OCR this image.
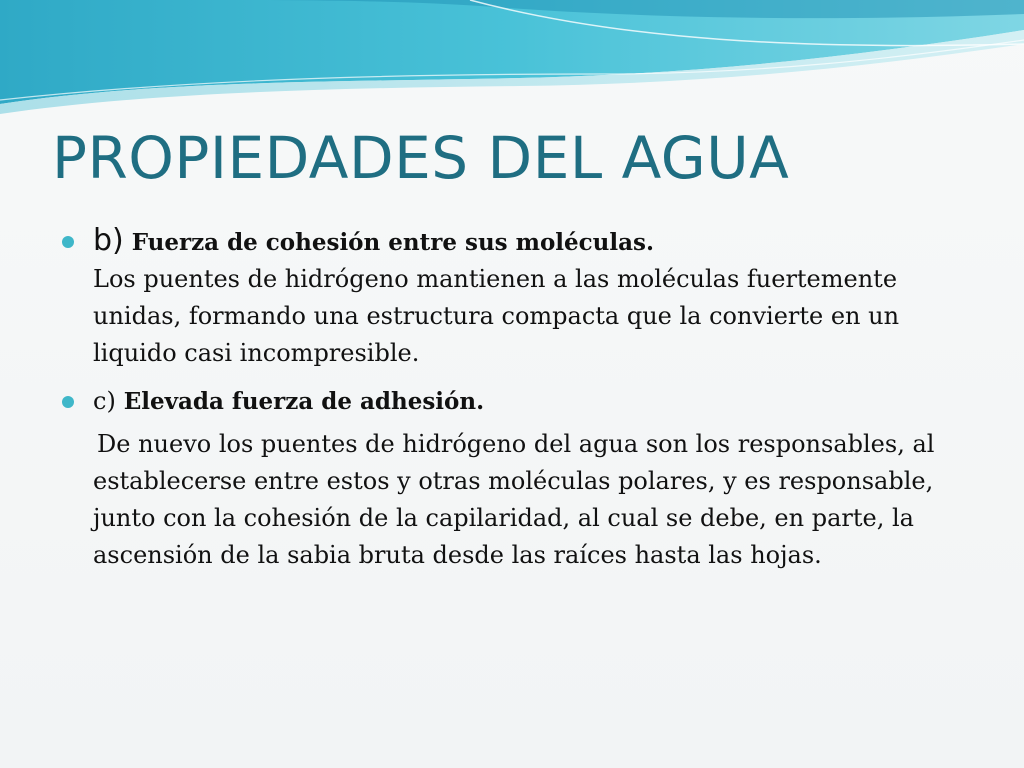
PROPIEDADES DEL AGUA
b) Fuerza de cohesión entre sus moléculas.
Los puentes de hidrógeno mantienen a las moléculas fuertemente unidas, formando una estructura compacta que la convierte en un liquido casi incompresible.
c) Elevada fuerza de adhesión.
De nuevo los puentes de hidrógeno del agua son los responsables, al establecerse entre estos y otras moléculas polares, y es responsable, junto con la cohesión de la capilaridad, al cual se debe, en parte, la ascensión de la sabia bruta desde las raíces hasta las hojas.
